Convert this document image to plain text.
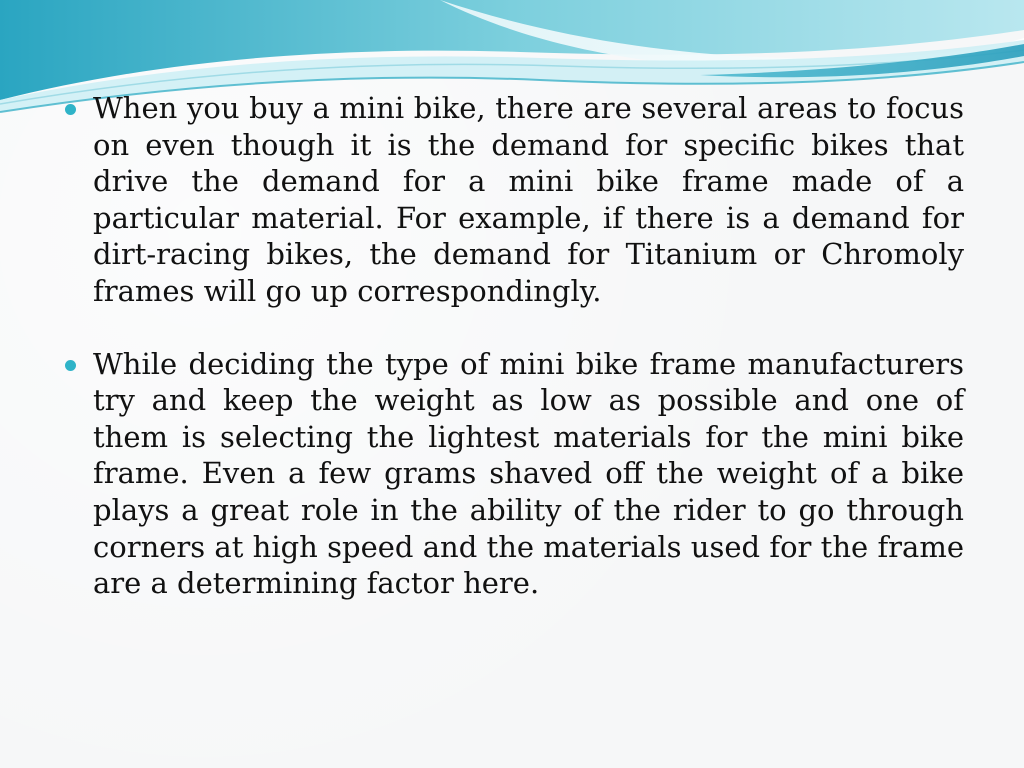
When you buy a mini bike, there are several areas to focus on even though it is the demand for specific bikes that drive the demand for a mini bike frame made of a particular material. For example, if there is a demand for dirt-racing bikes, the demand for Titanium or Chromoly frames will go up correspondingly.
While deciding the type of mini bike frame manufacturers try and keep the weight as low as possible and one of them is selecting the lightest materials for the mini bike frame. Even a few grams shaved off the weight of a bike plays a great role in the ability of the rider to go through corners at high speed and the materials used for the frame are a determining factor here.
